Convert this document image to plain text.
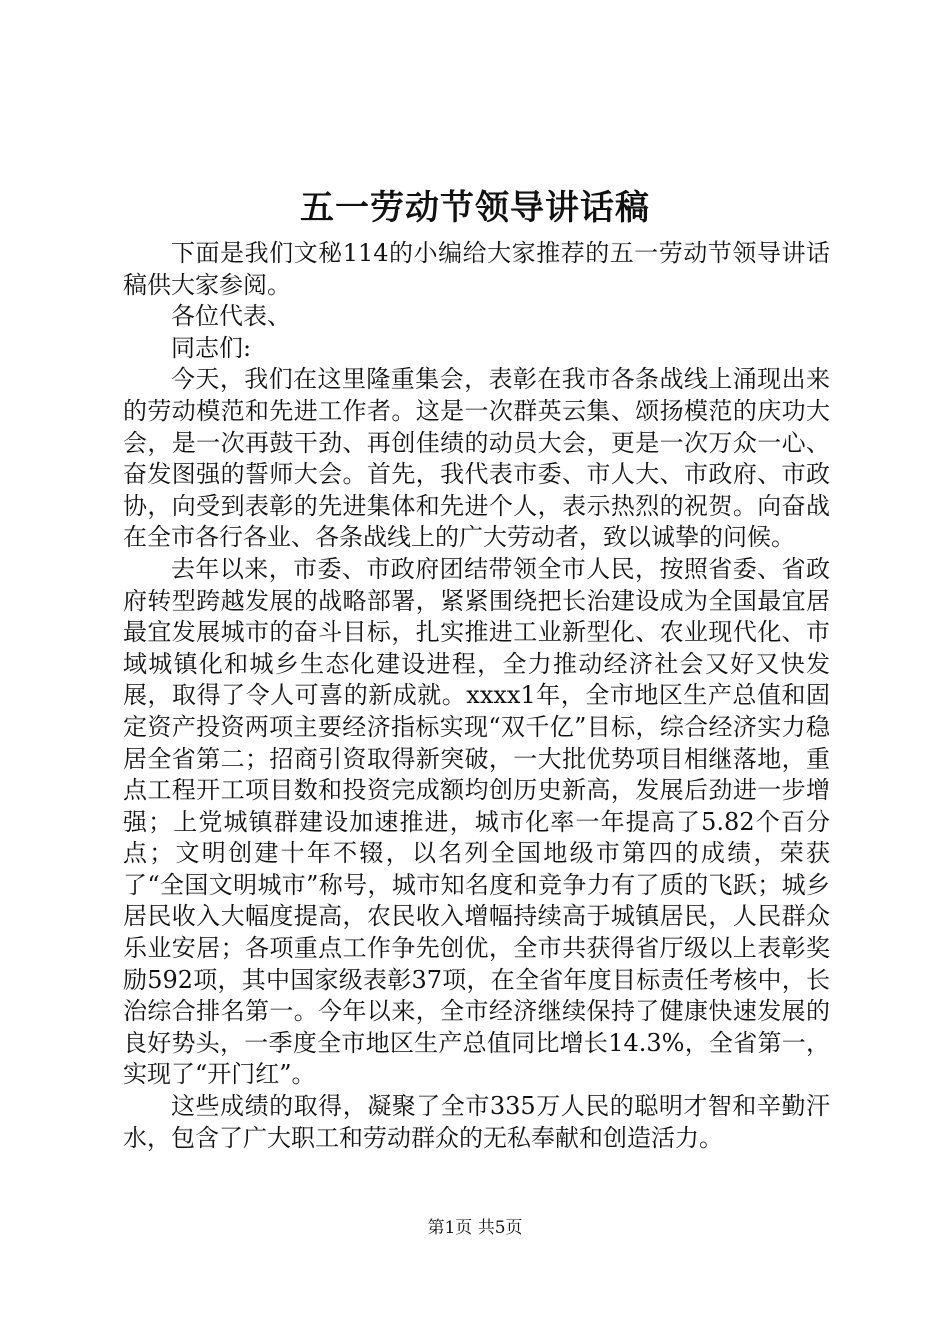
五一劳动节领导讲话稿

下面是我们文秘114的小编给大家推荐的五一劳动节领导讲话稿供大家参阅。

各位代表、

同志们:

今天，我们在这里隆重集会，表彰在我市各条战线上涌现出来的劳动模范和先进工作者。这是一次群英云集、颂扬模范的庆功大会，是一次再鼓干劲、再创佳绩的动员大会，更是一次万众一心、奋发图强的誓师大会。首先，我代表市委、市人大、市政府、市政协，向受到表彰的先进集体和先进个人，表示热烈的祝贺。向奋战在全市各行各业、各条战线上的广大劳动者，致以诚挚的问候。

去年以来，市委、市政府团结带领全市人民，按照省委、省政府转型跨越发展的战略部署，紧紧围绕把长治建设成为全国最宜居最宜发展城市的奋斗目标，扎实推进工业新型化、农业现代化、市域城镇化和城乡生态化建设进程，全力推动经济社会又好又快发展，取得了令人可喜的新成就。xxxx1年，全市地区生产总值和固定资产投资两项主要经济指标实现“双千亿”目标，综合经济实力稳居全省第二；招商引资取得新突破，一大批优势项目相继落地，重点工程开工项目数和投资完成额均创历史新高，发展后劲进一步增强；上党城镇群建设加速推进，城市化率一年提高了5.82个百分点；文明创建十年不辍，以名列全国地级市第四的成绩，荣获了“全国文明城市”称号，城市知名度和竞争力有了质的飞跃；城乡居民收入大幅度提高，农民收入增幅持续高于城镇居民，人民群众乐业安居；各项重点工作争先创优，全市共获得省厅级以上表彰奖励592项，其中国家级表彰37项，在全省年度目标责任考核中，长治综合排名第一。今年以来，全市经济继续保持了健康快速发展的良好势头，一季度全市地区生产总值同比增长14.3%，全省第一，实现了“开门红”。

这些成绩的取得，凝聚了全市335万人民的聪明才智和辛勤汗水，包含了广大职工和劳动群众的无私奉献和创造活力。

第1页 共5页
